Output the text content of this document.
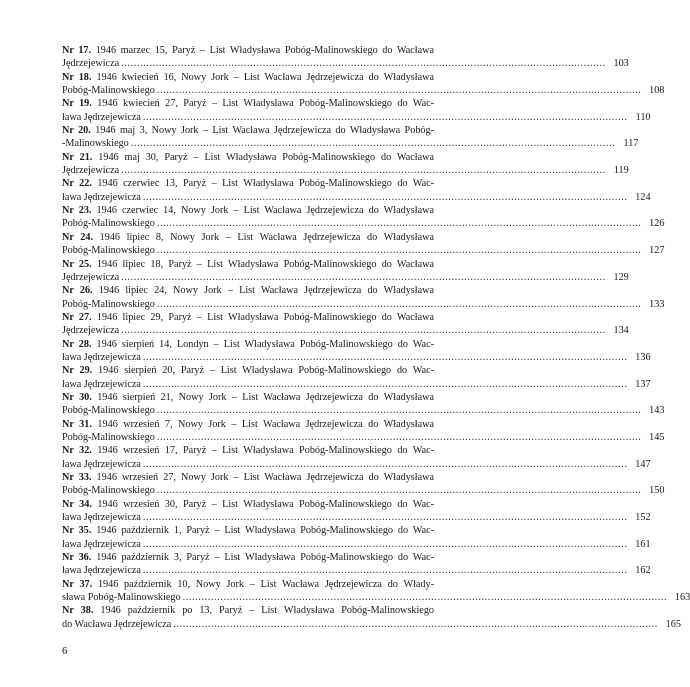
Nr 17. 1946 marzec 15, Paryż – List Władysława Pobóg-Malinowskiego do Wacława
Jędrzejewicza .......................................................................................................................................................... 103
Nr 18. 1946 kwiecień 16, Nowy Jork – List Wacława Jędrzejewicza do Władysława
Pobóg-Malinowskiego .......................................................................................................................................................... 108
Nr 19. 1946 kwiecień 27, Paryż – List Władysława Pobóg-Malinowskiego do Wac-
ława Jędrzejewicza .......................................................................................................................................................... 110
Nr 20. 1946 maj 3, Nowy Jork – List Wacława Jędrzejewicza do Władysława Pobóg-
-Malinowskiego .......................................................................................................................................................... 117
Nr 21. 1946 maj 30, Paryż – List Władysława Pobóg-Malinowskiego do Wacława
Jędrzejewicza .......................................................................................................................................................... 119
Nr 22. 1946 czerwiec 13, Paryż – List Władysława Pobóg-Malinowskiego do Wac-
ława Jędrzejewicza .......................................................................................................................................................... 124
Nr 23. 1946 czerwiec 14, Nowy Jork – List Wacława Jędrzejewicza do Władysława
Pobóg-Malinowskiego .......................................................................................................................................................... 126
Nr 24. 1946 lipiec 8, Nowy Jork – List Wacława Jędrzejewicza do Władysława
Pobóg-Malinowskiego .......................................................................................................................................................... 127
Nr 25. 1946 lipiec 18, Paryż – List Władysława Pobóg-Malinowskiego do Wacława
Jędrzejewicza .......................................................................................................................................................... 129
Nr 26. 1946 lipiec 24, Nowy Jork – List Wacława Jędrzejewicza do Władysława
Pobóg-Malinowskiego .......................................................................................................................................................... 133
Nr 27. 1946 lipiec 29, Paryż – List Władysława Pobóg-Malinowskiego do Wacława
Jędrzejewicza .......................................................................................................................................................... 134
Nr 28. 1946 sierpień 14, Londyn – List Władysława Pobóg-Malinowskiego do Wac-
ława Jędrzejewicza .......................................................................................................................................................... 136
Nr 29. 1946 sierpień 20, Paryż – List Władysława Pobóg-Malinowskiego do Wac-
ława Jędrzejewicza .......................................................................................................................................................... 137
Nr 30. 1946 sierpień 21, Nowy Jork – List Wacława Jędrzejewicza do Władysława
Pobóg-Malinowskiego .......................................................................................................................................................... 143
Nr 31. 1946 wrzesień 7, Nowy Jork – List Wacława Jędrzejewicza do Władysława
Pobóg-Malinowskiego .......................................................................................................................................................... 145
Nr 32. 1946 wrzesień 17, Paryż – List Władysława Pobóg-Malinowskiego do Wac-
ława Jędrzejewicza .......................................................................................................................................................... 147
Nr 33. 1946 wrzesień 27, Nowy Jork – List Wacława Jędrzejewicza do Władysława
Pobóg-Malinowskiego .......................................................................................................................................................... 150
Nr 34. 1946 wrzesień 30, Paryż – List Władysława Pobóg-Malinowskiego do Wac-
ława Jędrzejewicza .......................................................................................................................................................... 152
Nr 35. 1946 październik 1, Paryż – List Władysława Pobóg-Malinowskiego do Wac-
ława Jędrzejewicza .......................................................................................................................................................... 161
Nr 36. 1946 październik 3, Paryż – List Władysława Pobóg-Malinowskiego do Wac-
ława Jędrzejewicza .......................................................................................................................................................... 162
Nr 37. 1946 październik 10, Nowy Jork – List Wacława Jędrzejewicza do Włady-
sława Pobóg-Malinowskiego .......................................................................................................................................................... 163
Nr 38. 1946 październik po 13, Paryż – List Władysława Pobóg-Malinowskiego
do Wacława Jędrzejewicza .......................................................................................................................................................... 165
6
